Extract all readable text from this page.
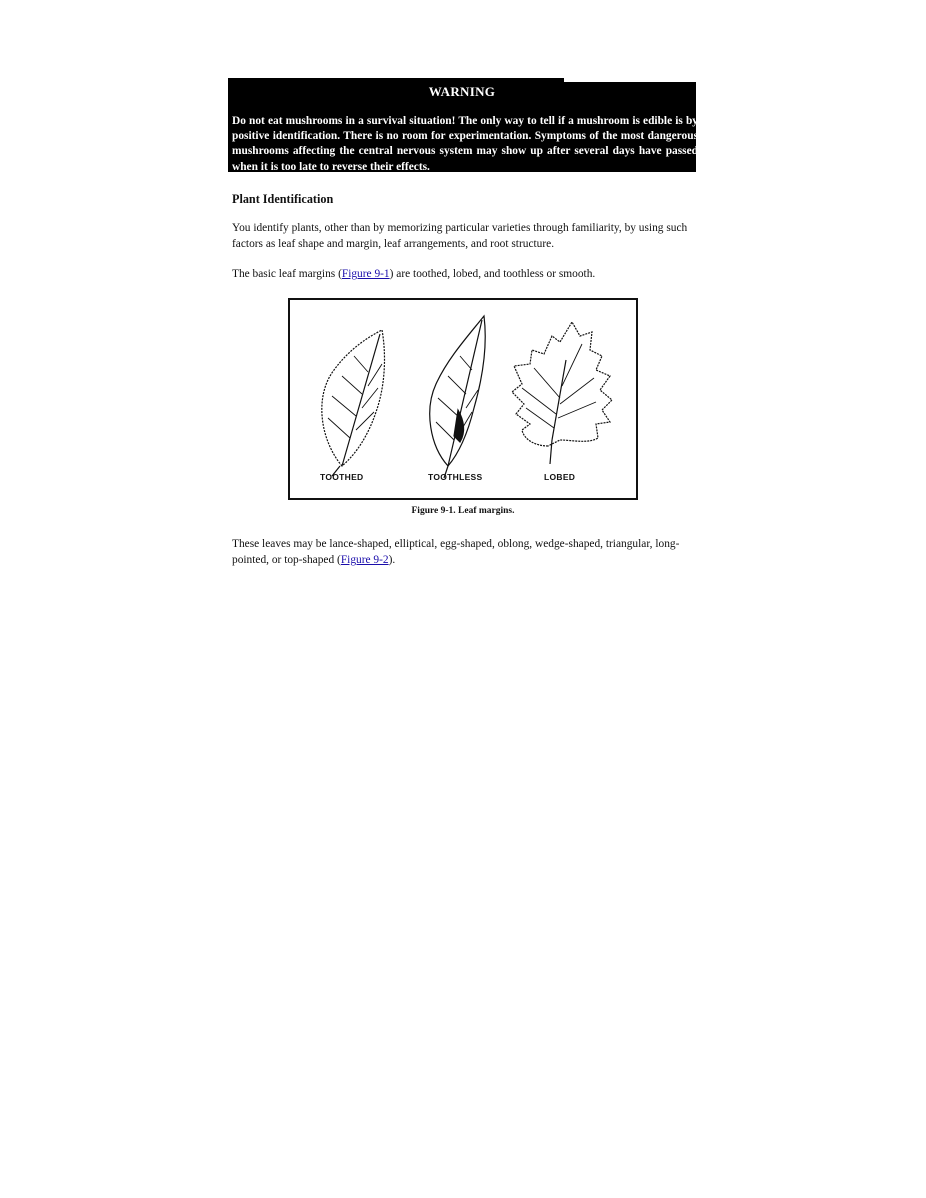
WARNING

Do not eat mushrooms in a survival situation! The only way to tell if a mushroom is edible is by positive identification. There is no room for experimentation. Symptoms of the most dangerous mushrooms affecting the central nervous system may show up after several days have passed when it is too late to reverse their effects.

Plant Identification

You identify plants, other than by memorizing particular varieties through familiarity, by using such factors as leaf shape and margin, leaf arrangements, and root structure.

The basic leaf margins (Figure 9-1) are toothed, lobed, and toothless or smooth.

TOOTHED	TOOTHLESS	LOBED

Figure 9-1. Leaf margins.

These leaves may be lance-shaped, elliptical, egg-shaped, oblong, wedge-shaped, triangular, long-pointed, or top-shaped (Figure 9-2).
